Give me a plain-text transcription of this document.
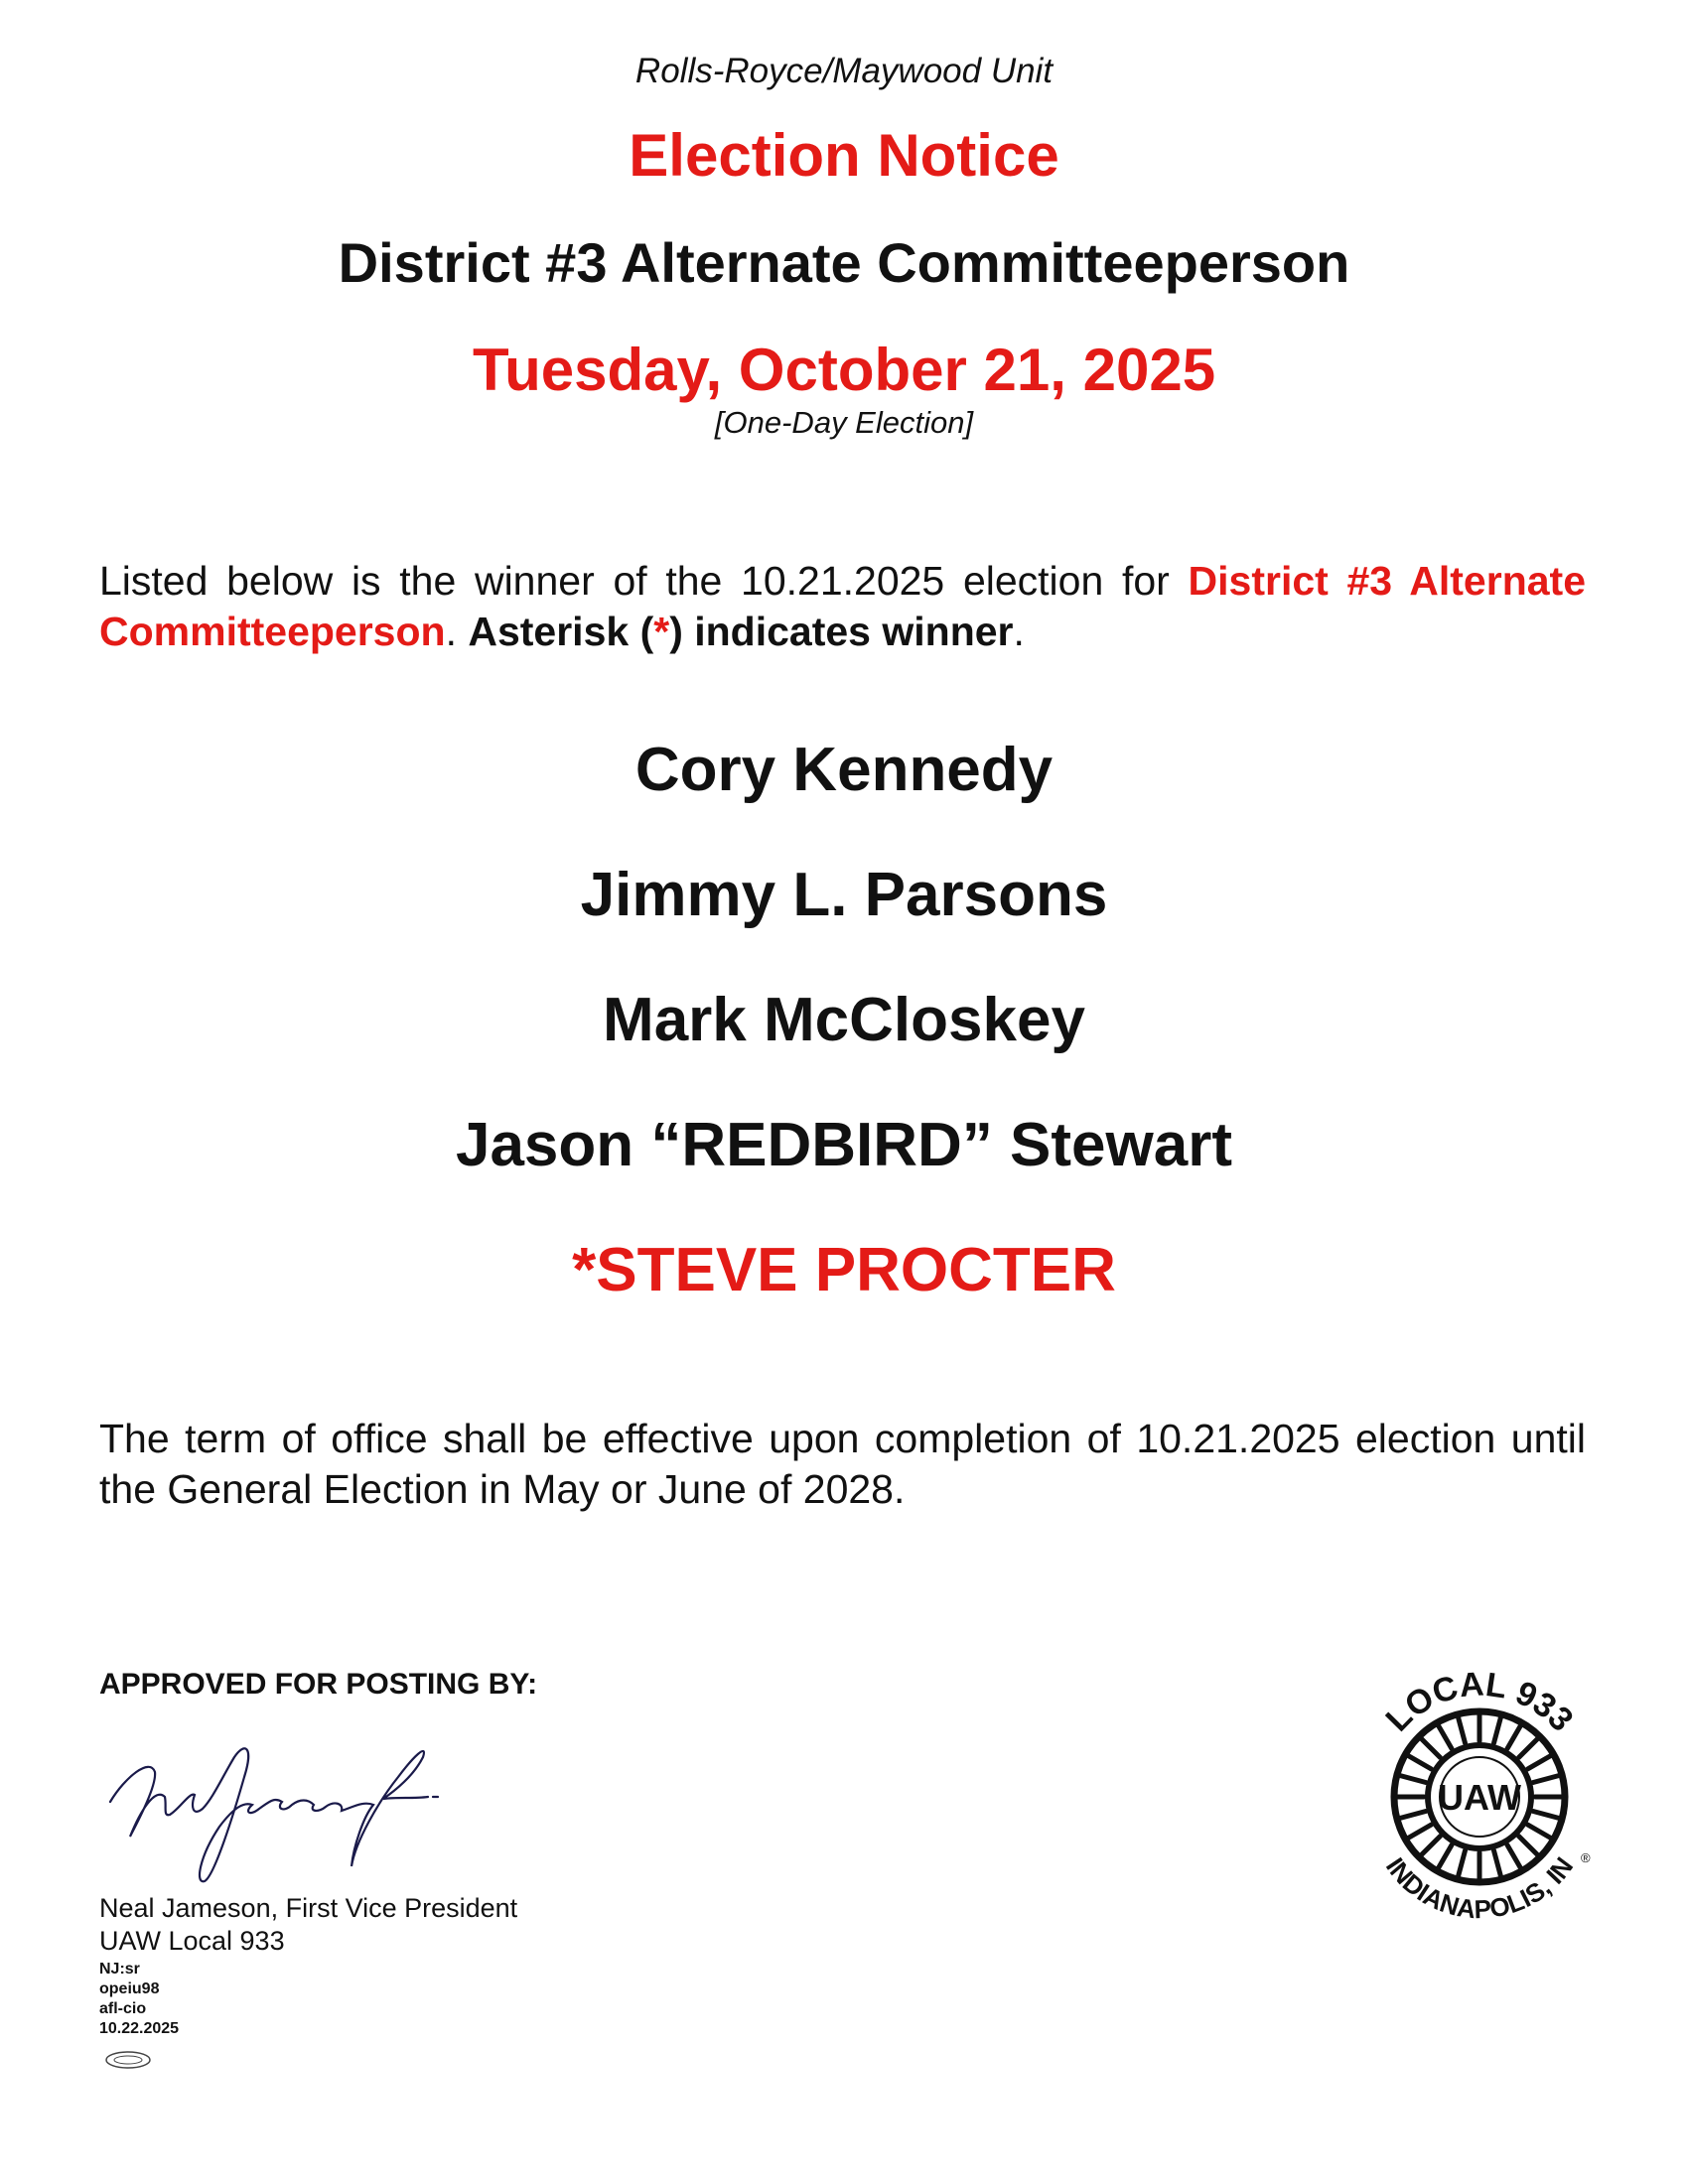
Rolls-Royce/Maywood Unit
Election Notice
District #3 Alternate Committeeperson
Tuesday, October 21, 2025
[One-Day Election]
Listed below is the winner of the 10.21.2025 election for District #3 Alternate Committeeperson. Asterisk (*) indicates winner.
Cory Kennedy
Jimmy L. Parsons
Mark McCloskey
Jason “REDBIRD” Stewart
*STEVE PROCTER
The term of office shall be effective upon completion of 10.21.2025 election until the General Election in May or June of 2028.
APPROVED FOR POSTING BY:
Neal Jameson, First Vice President
UAW Local 933
NJ:sr
opeiu98
afl-cio
10.22.2025
UAW
LOCAL 933
INDIANAPOLIS, IN ®
